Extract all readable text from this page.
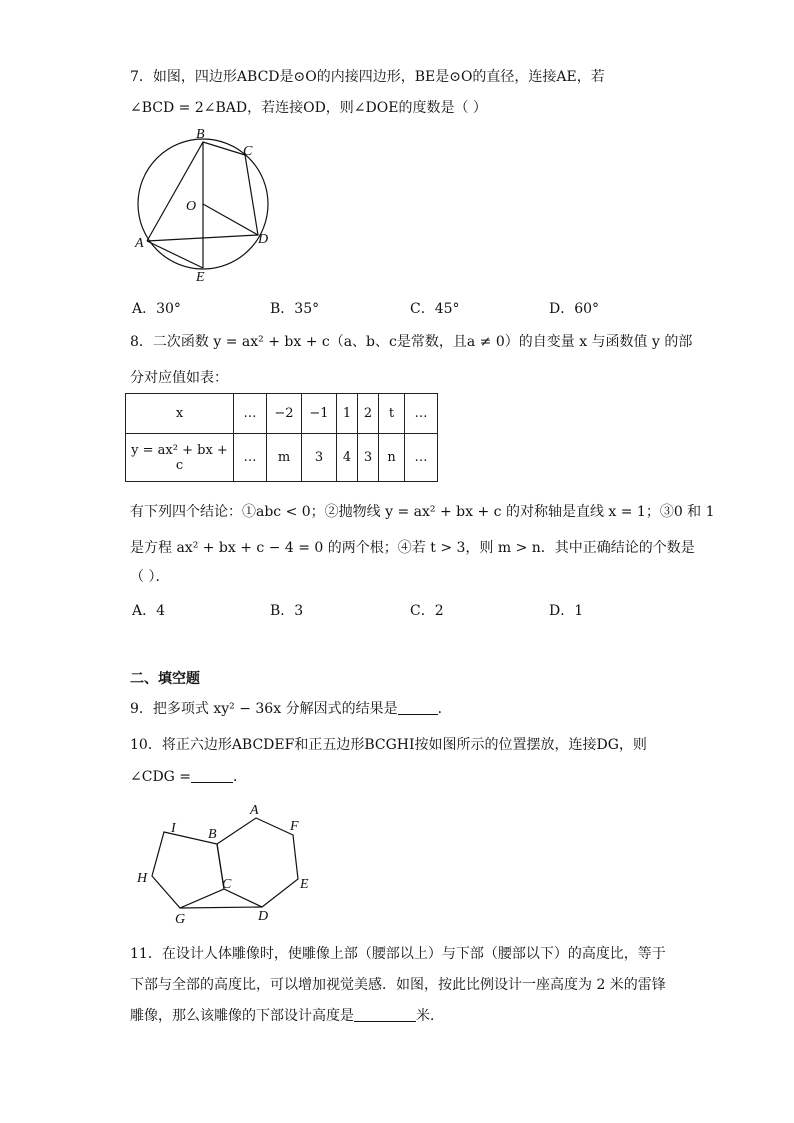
7．如图，四边形ABCD是⊙O的内接四边形，BE是⊙O的直径，连接AE，若
∠BCD = 2∠BAD，若连接OD，则∠DOE的度数是（ ）
B
C
O
A	D
E
A．30°	B．35°	C．45°	D．60°
8．二次函数 y = ax² + bx + c（a、b、c是常数，且a ≠ 0）的自变量 x 与函数值 y 的部
分对应值如表：
x	…	−2	−1	1	2	t	…
y = ax² + bx + c	…	m	3	4	3	n	…
有下列四个结论：①abc < 0；②抛物线 y = ax² + bx + c 的对称轴是直线 x = 1；③0 和 1
是方程 ax² + bx + c − 4 = 0 的两个根；④若 t > 3，则 m > n．其中正确结论的个数是
（ ）．
A．4	B．3	C．2	D．1
二、填空题
9．把多项式 xy² − 36x 分解因式的结果是	．
10．将正六边形ABCDEF和正五边形BCGHI按如图所示的位置摆放，连接DG，则
∠CDG =	．
A
F
I B
H	C	E
G	D
11．在设计人体雕像时，使雕像上部（腰部以上）与下部（腰部以下）的高度比，等于
下部与全部的高度比，可以增加视觉美感．如图，按此比例设计一座高度为 2 米的雷锋
雕像，那么该雕像的下部设计高度是	米．
